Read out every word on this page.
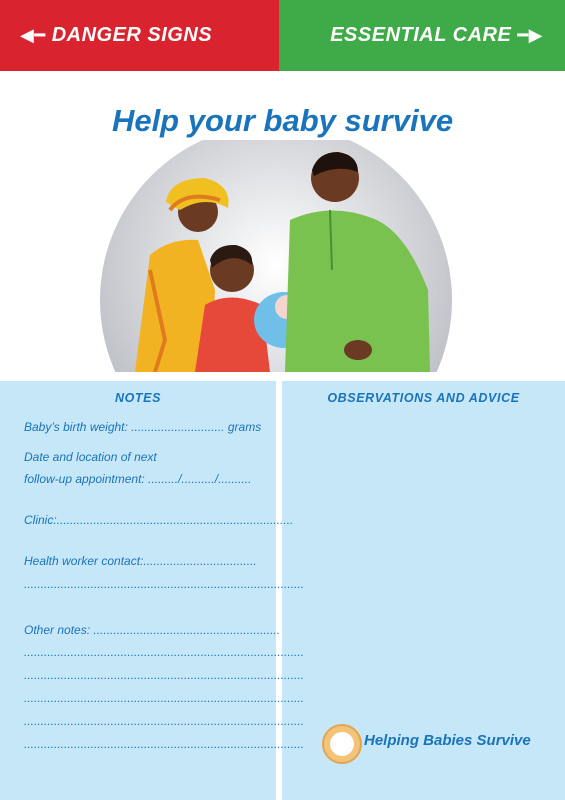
◀━ DANGER SIGNS	ESSENTIAL CARE ━▶
Help your baby survive
NOTES	OBSERVATIONS AND ADVICE
Baby’s birth weight: ............................ grams
Date and location of next
follow-up appointment: ........./........../..........
Clinic:.......................................................................
Health worker contact:..................................
....................................................................................
Other notes: ........................................................
....................................................................................
....................................................................................
....................................................................................
....................................................................................
....................................................................................	Helping Babies Survive
